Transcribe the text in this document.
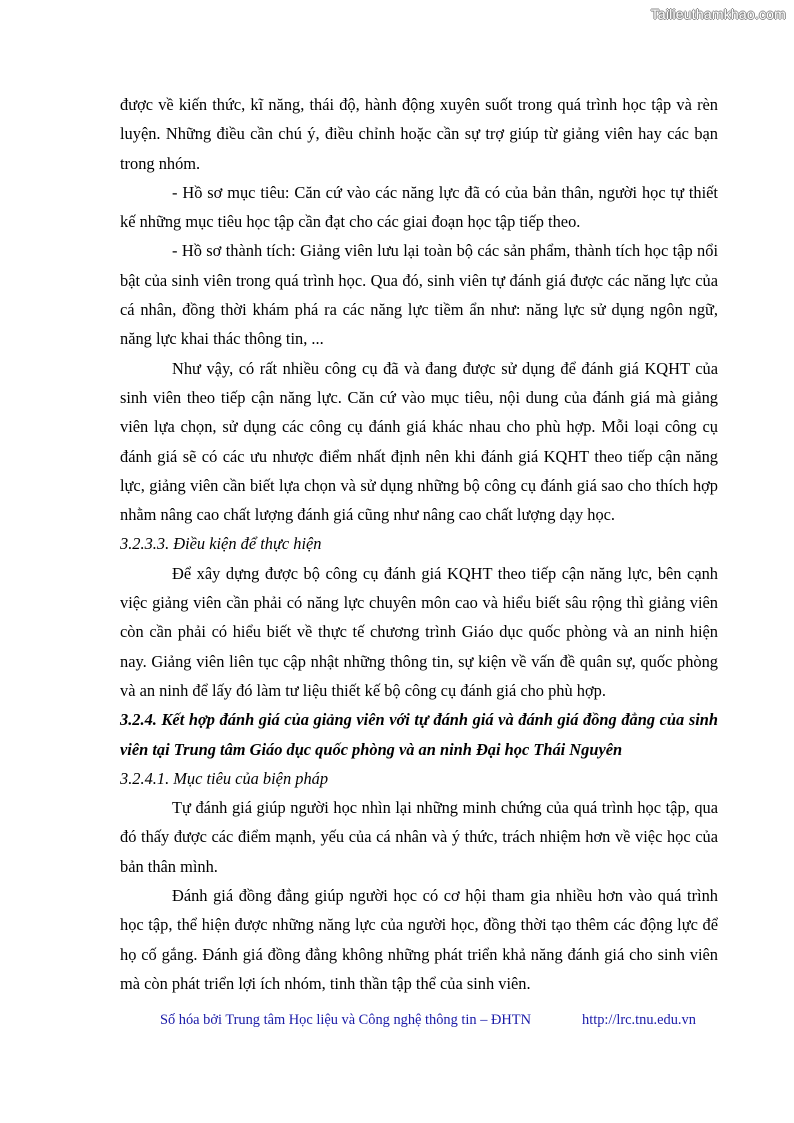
Tailieuthamkhao.com

được về kiến thức, kĩ năng, thái độ, hành động xuyên suốt trong quá trình học tập và rèn luyện. Những điều cần chú ý, điều chỉnh hoặc cần sự trợ giúp từ giảng viên hay các bạn trong nhóm.

- Hồ sơ mục tiêu: Căn cứ vào các năng lực đã có của bản thân, người học tự thiết kế những mục tiêu học tập cần đạt cho các giai đoạn học tập tiếp theo.

- Hồ sơ thành tích: Giảng viên lưu lại toàn bộ các sản phẩm, thành tích học tập nổi bật của sinh viên trong quá trình học. Qua đó, sinh viên tự đánh giá được các năng lực của cá nhân, đồng thời khám phá ra các năng lực tiềm ẩn như: năng lực sử dụng ngôn ngữ, năng lực khai thác thông tin, ...

Như vậy, có rất nhiều công cụ đã và đang được sử dụng để đánh giá KQHT của sinh viên theo tiếp cận năng lực. Căn cứ vào mục tiêu, nội dung của đánh giá mà giảng viên lựa chọn, sử dụng các công cụ đánh giá khác nhau cho phù hợp. Mỗi loại công cụ đánh giá sẽ có các ưu nhược điểm nhất định nên khi đánh giá KQHT theo tiếp cận năng lực, giảng viên cần biết lựa chọn và sử dụng những bộ công cụ đánh giá sao cho thích hợp nhằm nâng cao chất lượng đánh giá cũng như nâng cao chất lượng dạy học.

3.2.3.3. Điều kiện để thực hiện

Để xây dựng được bộ công cụ đánh giá KQHT theo tiếp cận năng lực, bên cạnh việc giảng viên cần phải có năng lực chuyên môn cao và hiểu biết sâu rộng thì giảng viên còn cần phải có hiểu biết về thực tế chương trình Giáo dục quốc phòng và an ninh hiện nay. Giảng viên liên tục cập nhật những thông tin, sự kiện về vấn đề quân sự, quốc phòng và an ninh để lấy đó làm tư liệu thiết kế bộ công cụ đánh giá cho phù hợp.

3.2.4. Kết hợp đánh giá của giảng viên với tự đánh giá và đánh giá đồng đẳng của sinh viên tại Trung tâm Giáo dục quốc phòng và an ninh Đại học Thái Nguyên

3.2.4.1. Mục tiêu của biện pháp

Tự đánh giá giúp người học nhìn lại những minh chứng của quá trình học tập, qua đó thấy được các điểm mạnh, yếu của cá nhân và ý thức, trách nhiệm hơn về việc học của bản thân mình.

Đánh giá đồng đẳng giúp người học có cơ hội tham gia nhiều hơn vào quá trình học tập, thể hiện được những năng lực của người học, đồng thời tạo thêm các động lực để họ cố gắng. Đánh giá đồng đẳng không những phát triển khả năng đánh giá cho sinh viên mà còn phát triển lợi ích nhóm, tinh thần tập thể của sinh viên.

Số hóa bởi Trung tâm Học liệu và Công nghệ thông tin – ĐHTN	http://lrc.tnu.edu.vn
